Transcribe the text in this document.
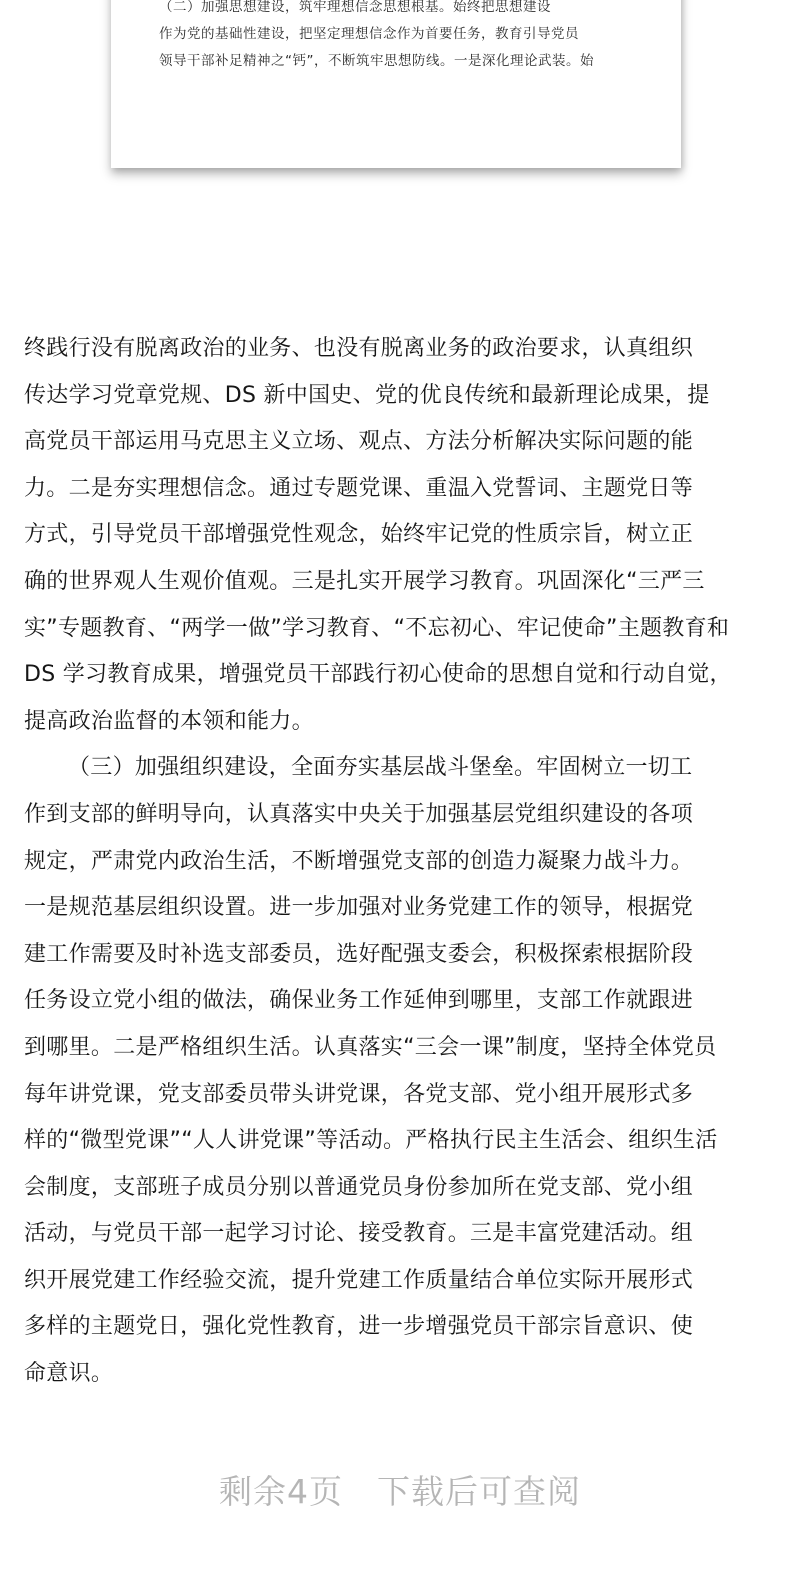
（二）加强思想建设，筑牢理想信念思想根基。始终把思想建设
作为党的基础性建设，把坚定理想信念作为首要任务，教育引导党员
领导干部补足精神之“钙”，不断筑牢思想防线。一是深化理论武装。始

终践行没有脱离政治的业务、也没有脱离业务的政治要求，认真组织
传达学习党章党规、DS 新中国史、党的优良传统和最新理论成果，提
高党员干部运用马克思主义立场、观点、方法分析解决实际问题的能
力。二是夯实理想信念。通过专题党课、重温入党誓词、主题党日等
方式，引导党员干部增强党性观念，始终牢记党的性质宗旨，树立正
确的世界观人生观价值观。三是扎实开展学习教育。巩固深化“三严三
实”专题教育、“两学一做”学习教育、“不忘初心、牢记使命”主题教育和
DS 学习教育成果，增强党员干部践行初心使命的思想自觉和行动自觉，
提高政治监督的本领和能力。

（三）加强组织建设，全面夯实基层战斗堡垒。牢固树立一切工
作到支部的鲜明导向，认真落实中央关于加强基层党组织建设的各项
规定，严肃党内政治生活，不断增强党支部的创造力凝聚力战斗力。
一是规范基层组织设置。进一步加强对业务党建工作的领导，根据党
建工作需要及时补选支部委员，选好配强支委会，积极探索根据阶段
任务设立党小组的做法，确保业务工作延伸到哪里，支部工作就跟进
到哪里。二是严格组织生活。认真落实“三会一课”制度，坚持全体党员
每年讲党课，党支部委员带头讲党课，各党支部、党小组开展形式多
样的“微型党课”“人人讲党课”等活动。严格执行民主生活会、组织生活
会制度，支部班子成员分别以普通党员身份参加所在党支部、党小组
活动，与党员干部一起学习讨论、接受教育。三是丰富党建活动。组
织开展党建工作经验交流，提升党建工作质量结合单位实际开展形式
多样的主题党日，强化党性教育，进一步增强党员干部宗旨意识、使
命意识。

剩余4页 下载后可查阅
